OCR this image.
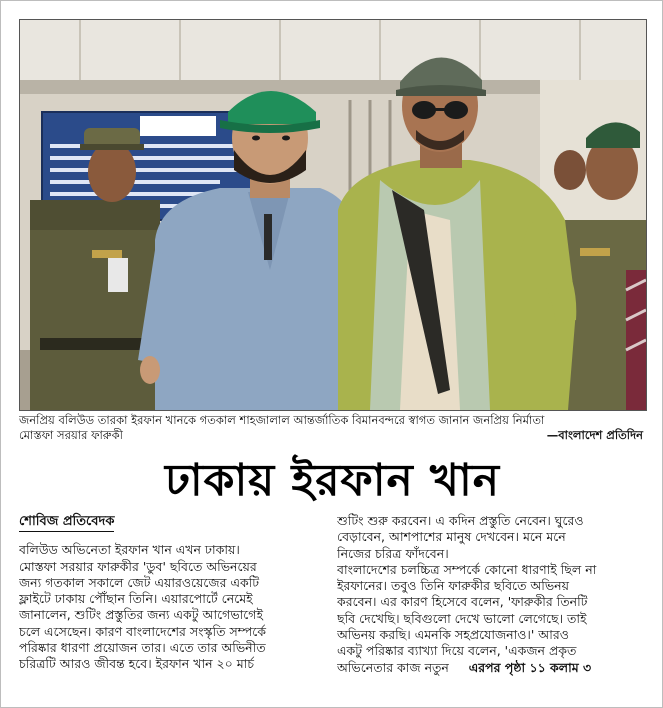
জনপ্রিয় বলিউড তারকা ইরফান খানকে গতকাল শাহজালাল আন্তর্জাতিক বিমানবন্দরে স্বাগত জানান জনপ্রিয় নির্মাতা
মোস্তফা সরয়ার ফারুকী	—বাংলাদেশ প্রতিদিন
ঢাকায় ইরফান খান
শোবিজ প্রতিবেদক
বলিউড অভিনেতা ইরফান খান এখন ঢাকায়।
মোস্তফা সরয়ার ফারুকীর 'ডুব' ছবিতে অভিনয়ের
জন্য গতকাল সকালে জেট এয়ারওয়েজের একটি
ফ্লাইটে ঢাকায় পৌঁছান তিনি। এয়ারপোর্টে নেমেই
জানালেন, শুটিং প্রস্তুতির জন্য একটু আগেভাগেই
চলে এসেছেন। কারণ বাংলাদেশের সংস্কৃতি সম্পর্কে
পরিষ্কার ধারণা প্রয়োজন তার। এতে তার অভিনীত
চরিত্রটি আরও জীবন্ত হবে। ইরফান খান ২০ মার্চ
শুটিং শুরু করবেন। এ কদিন প্রস্তুতি নেবেন। ঘুরেও
বেড়াবেন, আশপাশের মানুষ দেখবেন। মনে মনে
নিজের চরিত্র ফাঁদবেন।
বাংলাদেশের চলচ্চিত্র সম্পর্কে কোনো ধারণাই ছিল না
ইরফানের। তবুও তিনি ফারুকীর ছবিতে অভিনয়
করবেন। এর কারণ হিসেবে বলেন, 'ফারুকীর তিনটি
ছবি দেখেছি। ছবিগুলো দেখে ভালো লেগেছে। তাই
অভিনয় করছি। এমনকি সহপ্রযোজনাও।' আরও
একটু পরিষ্কার ব্যাখ্যা দিয়ে বলেন, 'একজন প্রকৃত
অভিনেতার কাজ নতুন এরপর পৃষ্ঠা ১১ কলাম ৩
